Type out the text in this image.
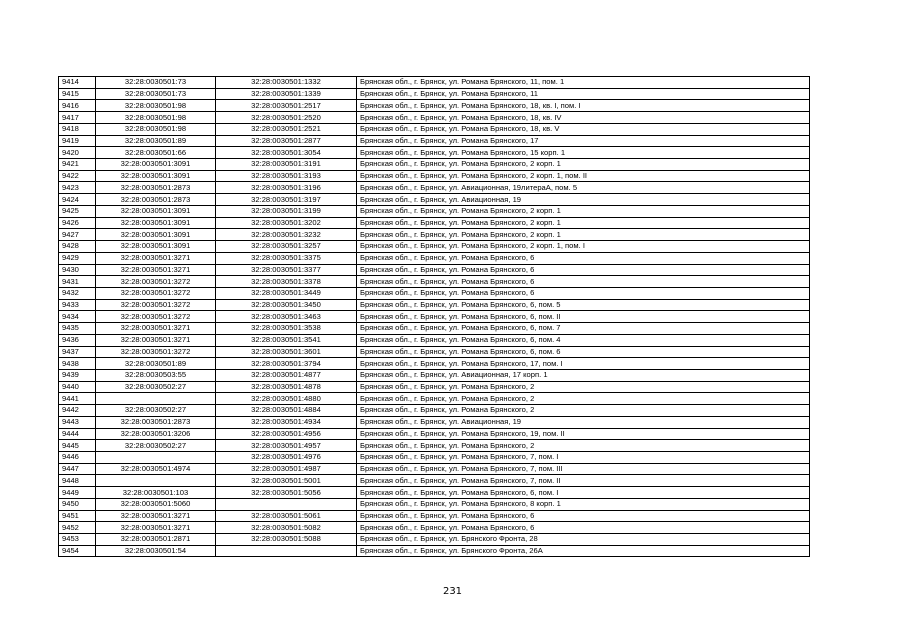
9414	32:28:0030501:73	32:28:0030501:1332	Брянская обл., г. Брянск, ул. Романа Брянского, 11, пом. 1
9415	32:28:0030501:73	32:28:0030501:1339	Брянская обл., г. Брянск, ул. Романа Брянского, 11
9416	32:28:0030501:98	32:28:0030501:2517	Брянская обл., г. Брянск, ул. Романа Брянского, 18, кв. I, пом. I
9417	32:28:0030501:98	32:28:0030501:2520	Брянская обл., г. Брянск, ул. Романа Брянского, 18, кв. IV
9418	32:28:0030501:98	32:28:0030501:2521	Брянская обл., г. Брянск, ул. Романа Брянского, 18, кв. V
9419	32:28:0030501:89	32:28:0030501:2877	Брянская обл., г. Брянск, ул. Романа Брянского, 17
9420	32:28:0030501:66	32:28:0030501:3054	Брянская обл., г. Брянск, ул. Романа Брянского, 15 корп. 1
9421	32:28:0030501:3091	32:28:0030501:3191	Брянская обл., г. Брянск, ул. Романа Брянского, 2 корп. 1
9422	32:28:0030501:3091	32:28:0030501:3193	Брянская обл., г. Брянск, ул. Романа Брянского, 2 корп. 1, пом. II
9423	32:28:0030501:2873	32:28:0030501:3196	Брянская обл., г. Брянск, ул. Авиационная, 19литераА, пом. 5
9424	32:28:0030501:2873	32:28:0030501:3197	Брянская обл., г. Брянск, ул. Авиационная, 19
9425	32:28:0030501:3091	32:28:0030501:3199	Брянская обл., г. Брянск, ул. Романа Брянского, 2 корп. 1
9426	32:28:0030501:3091	32:28:0030501:3202	Брянская обл., г. Брянск, ул. Романа Брянского, 2 корп. 1
9427	32:28:0030501:3091	32:28:0030501:3232	Брянская обл., г. Брянск, ул. Романа Брянского, 2 корп. 1
9428	32:28:0030501:3091	32:28:0030501:3257	Брянская обл., г. Брянск, ул. Романа Брянского, 2 корп. 1, пом. I
9429	32:28:0030501:3271	32:28:0030501:3375	Брянская обл., г. Брянск, ул. Романа Брянского, 6
9430	32:28:0030501:3271	32:28:0030501:3377	Брянская обл., г. Брянск, ул. Романа Брянского, 6
9431	32:28:0030501:3272	32:28:0030501:3378	Брянская обл., г. Брянск, ул. Романа Брянского, 6
9432	32:28:0030501:3272	32:28:0030501:3449	Брянская обл., г. Брянск, ул. Романа Брянского, 6
9433	32:28:0030501:3272	32:28:0030501:3450	Брянская обл., г. Брянск, ул. Романа Брянского, 6, пом. 5
9434	32:28:0030501:3272	32:28:0030501:3463	Брянская обл., г. Брянск, ул. Романа Брянского, 6, пом. II
9435	32:28:0030501:3271	32:28:0030501:3538	Брянская обл., г. Брянск, ул. Романа Брянского, 6, пом. 7
9436	32:28:0030501:3271	32:28:0030501:3541	Брянская обл., г. Брянск, ул. Романа Брянского, 6, пом. 4
9437	32:28:0030501:3272	32:28:0030501:3601	Брянская обл., г. Брянск, ул. Романа Брянского, 6, пом. 6
9438	32:28:0030501:89	32:28:0030501:3794	Брянская обл., г. Брянск, ул. Романа Брянского, 17, пом. I
9439	32:28:0030503:55	32:28:0030501:4877	Брянская обл., г. Брянск, ул. Авиационная, 17 корп. 1
9440	32:28:0030502:27	32:28:0030501:4878	Брянская обл., г. Брянск, ул. Романа Брянского, 2
9441		32:28:0030501:4880	Брянская обл., г. Брянск, ул. Романа Брянского, 2
9442	32:28:0030502:27	32:28:0030501:4884	Брянская обл., г. Брянск, ул. Романа Брянского, 2
9443	32:28:0030501:2873	32:28:0030501:4934	Брянская обл., г. Брянск, ул. Авиационная, 19
9444	32:28:0030501:3206	32:28:0030501:4956	Брянская обл., г. Брянск, ул. Романа Брянского, 19, пом. II
9445	32:28:0030502:27	32:28:0030501:4957	Брянская обл., г. Брянск, ул. Романа Брянского, 2
9446		32:28:0030501:4976	Брянская обл., г. Брянск, ул. Романа Брянского, 7, пом. I
9447	32:28:0030501:4974	32:28:0030501:4987	Брянская обл., г. Брянск, ул. Романа Брянского, 7, пом. III
9448		32:28:0030501:5001	Брянская обл., г. Брянск, ул. Романа Брянского, 7, пом. II
9449	32:28:0030501:103	32:28:0030501:5056	Брянская обл., г. Брянск, ул. Романа Брянского, 6, пом. I
9450	32:28:0030501:5060		Брянская обл., г. Брянск, ул. Романа Брянского, 8 корп. 1
9451	32:28:0030501:3271	32:28:0030501:5061	Брянская обл., г. Брянск, ул. Романа Брянского, 6
9452	32:28:0030501:3271	32:28:0030501:5082	Брянская обл., г. Брянск, ул. Романа Брянского, 6
9453	32:28:0030501:2871	32:28:0030501:5088	Брянская обл., г. Брянск, ул. Брянского Фронта, 28
9454	32:28:0030501:54		Брянская обл., г. Брянск, ул. Брянского Фронта, 26А
231
